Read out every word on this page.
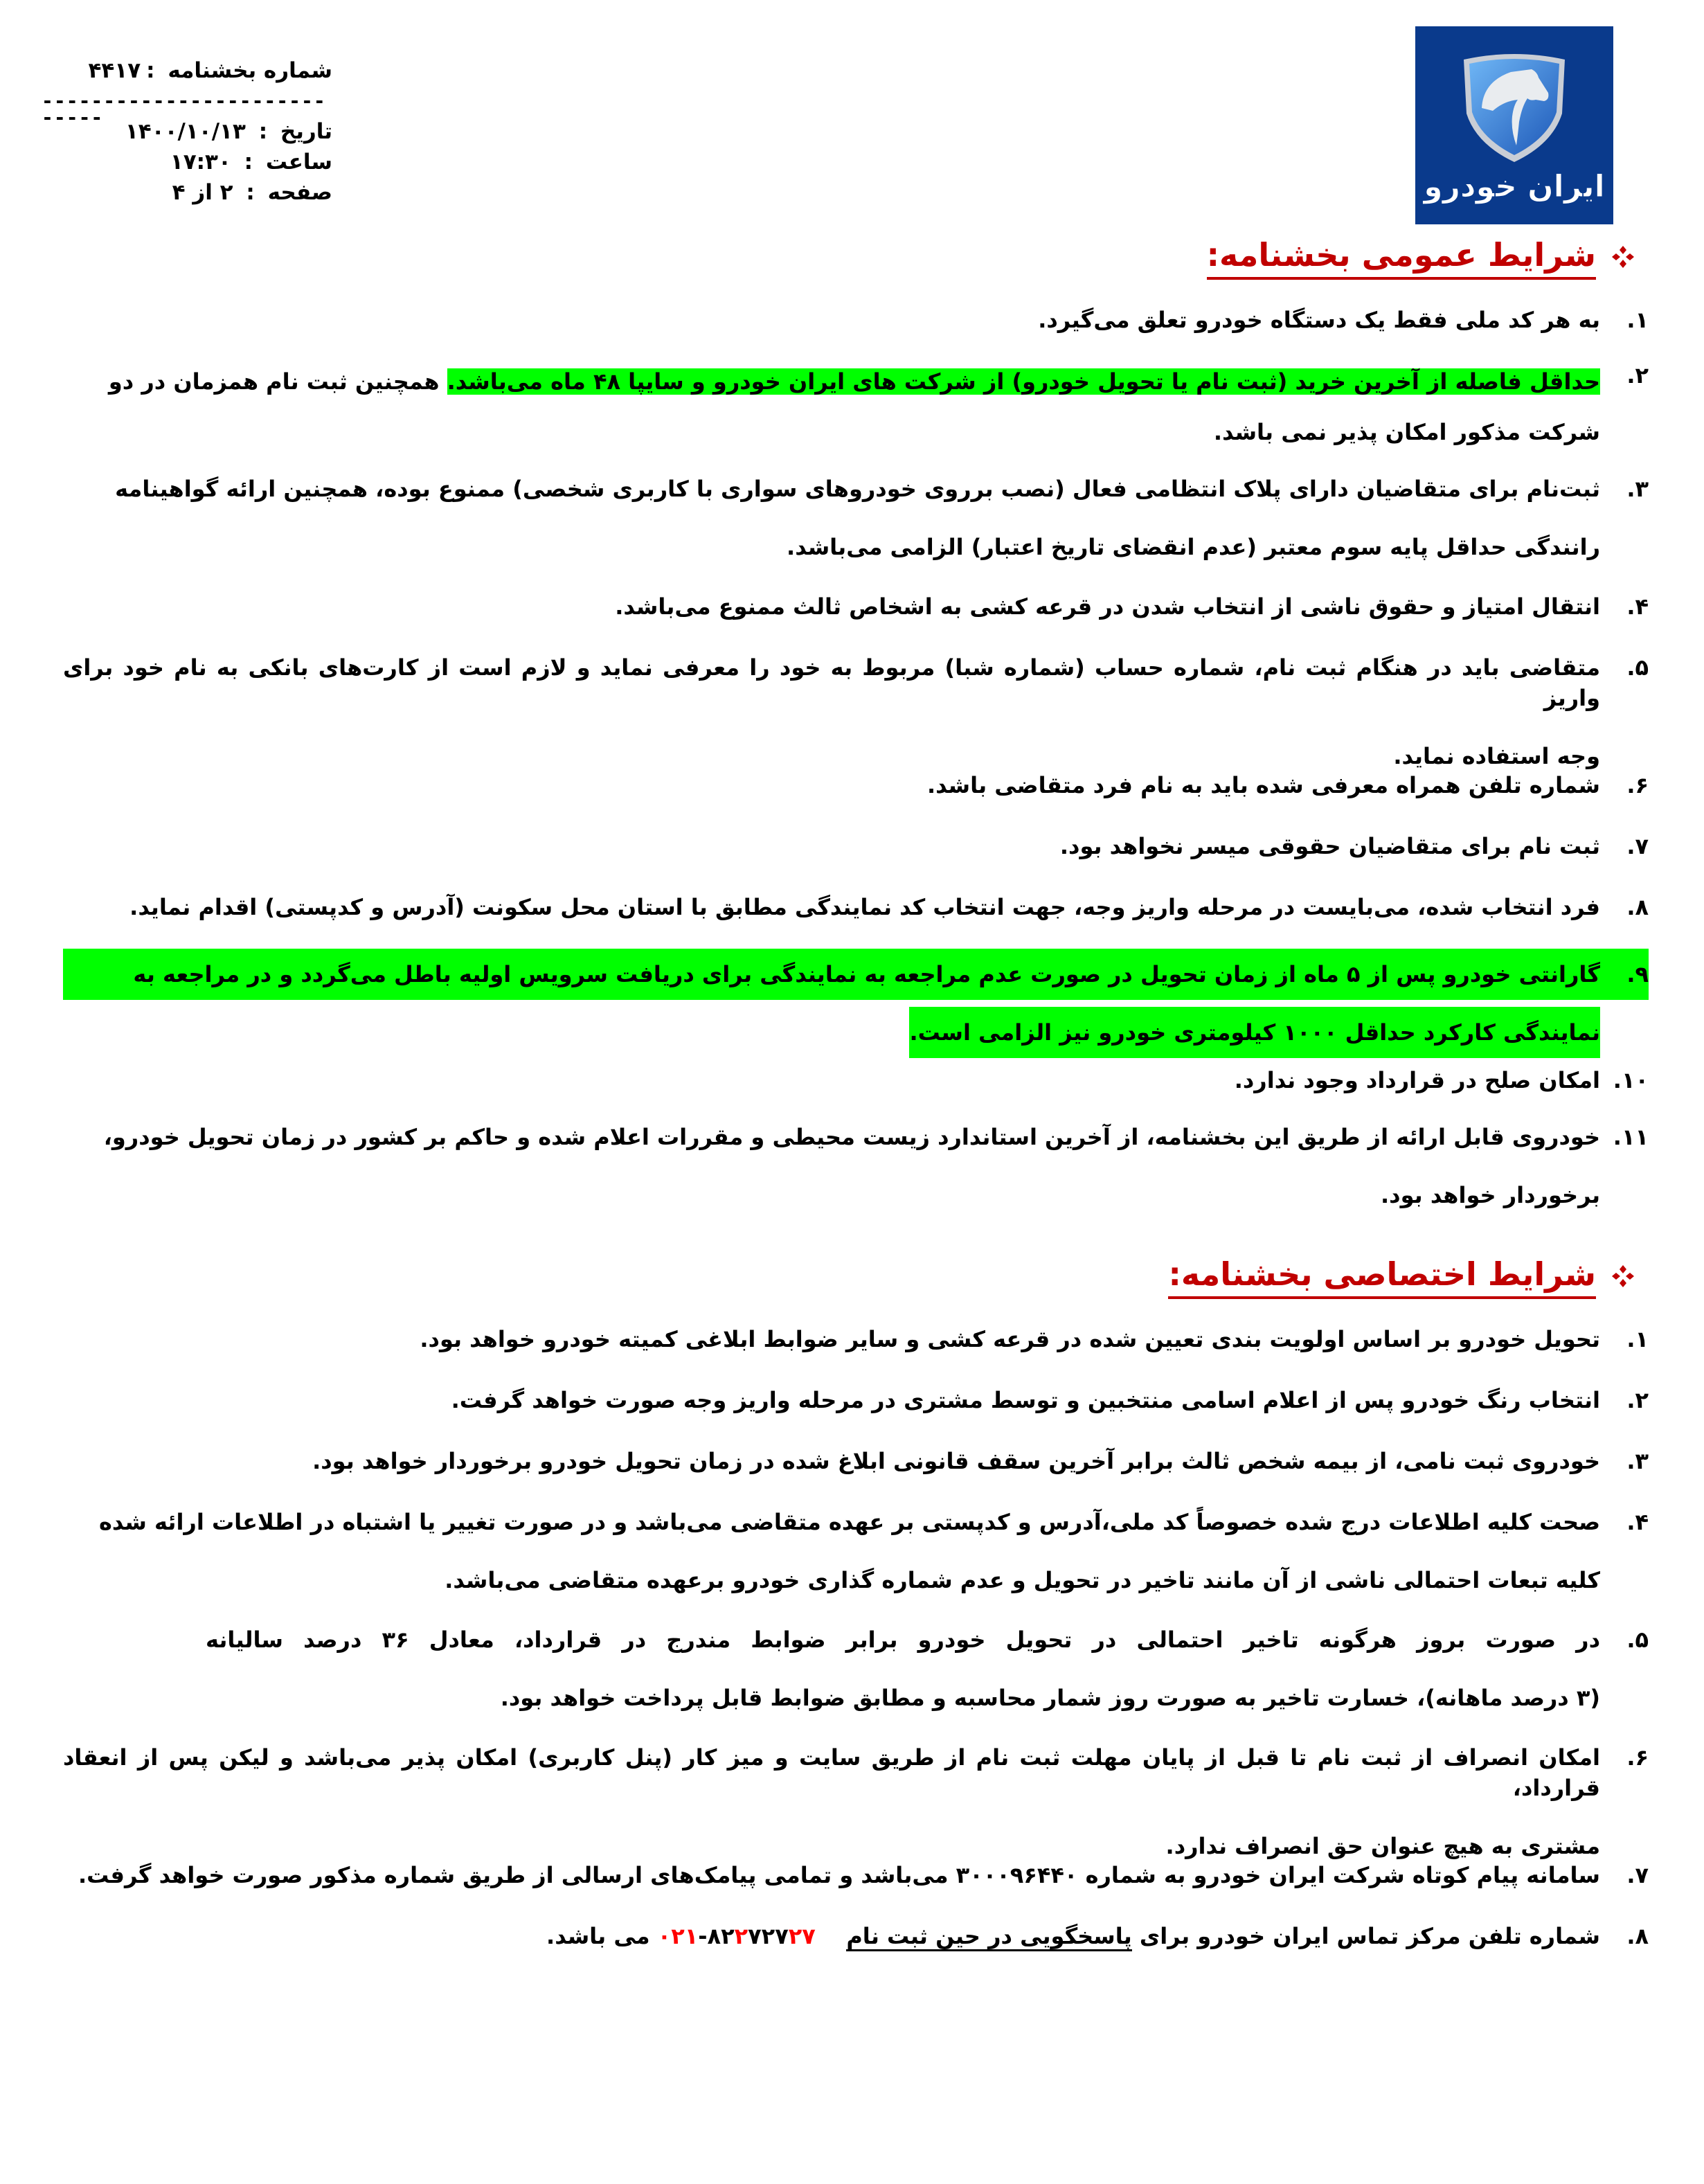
شماره بخشنامه :۴۴۱۷
----------------------------
تاریخ : ۱۴۰۰/۱۰/۱۳
ساعت : ۱۷:۳۰
صفحه : ۲ از ۴	ایران خودرو
شرایط عمومی بخشنامه:
۱.
به هر کد ملی فقط یک دستگاه خودرو تعلق می‌گیرد.
۲.
حداقل فاصله از آخرین خرید (ثبت نام یا تحویل خودرو) از شرکت های ایران خودرو و سایپا ۴۸ ماه می‌باشد. همچنین ثبت نام همزمان در دو
شرکت مذکور امکان پذیر نمی باشد.
۳.
ثبت‌نام برای متقاضیان دارای پلاک انتظامی فعال (نصب برروی خودروهای سواری با کاربری شخصی) ممنوع بوده، همچنین ارائه گواهینامه
رانندگی حداقل پایه سوم معتبر (عدم انقضای تاریخ اعتبار) الزامی می‌باشد.
۴.
انتقال امتیاز و حقوق ناشی از انتخاب شدن در قرعه کشی به اشخاص ثالث ممنوع می‌باشد.
۵.
متقاضی باید در هنگام ثبت نام، شماره حساب (شماره شبا) مربوط به خود را معرفی نماید و لازم است از کارت‌های بانکی به نام خود برای واریز
وجه استفاده نماید.
۶.
شماره تلفن همراه معرفی شده باید به نام فرد متقاضی باشد.
۷.
ثبت نام برای متقاضیان حقوقی میسر نخواهد بود.
۸.
فرد انتخاب شده، می‌بایست در مرحله واریز وجه، جهت انتخاب کد نمایندگی مطابق با استان محل سکونت (آدرس و کدپستی) اقدام نماید.
۹.
گارانتی خودرو پس از ۵ ماه از زمان تحویل در صورت عدم مراجعه به نمایندگی برای دریافت سرویس اولیه باطل می‌گردد و در مراجعه به
نمایندگی کارکرد حداقل ۱۰۰۰ کیلومتری خودرو نیز الزامی است.
۱۰.
امکان صلح در قرارداد وجود ندارد.
۱۱.
خودروی قابل ارائه از طریق این بخشنامه، از آخرین استاندارد زیست محیطی و مقررات اعلام شده و حاکم بر کشور در زمان تحویل خودرو،
برخوردار خواهد بود.
شرایط اختصاصی بخشنامه:
۱.
تحویل خودرو بر اساس اولویت بندی تعیین شده در قرعه کشی و سایر ضوابط ابلاغی کمیته خودرو خواهد بود.
۲.
انتخاب رنگ خودرو پس از اعلام اسامی منتخبین و توسط مشتری در مرحله واریز وجه صورت خواهد گرفت.
۳.
خودروی ثبت نامی، از بیمه شخص ثالث برابر آخرین سقف قانونی ابلاغ شده در زمان تحویل خودرو برخوردار خواهد بود.
۴.
صحت کلیه اطلاعات درج شده خصوصاً کد ملی،آدرس و کدپستی بر عهده متقاضی می‌باشد و در صورت تغییر یا اشتباه در اطلاعات ارائه شده
کلیه تبعات احتمالی ناشی از آن مانند تاخیر در تحویل و عدم شماره گذاری خودرو برعهده متقاضی می‌باشد.
۵.
در صورت بروز هرگونه تاخیر احتمالی در تحویل خودرو برابر ضوابط مندرج در قرارداد، معادل ۳۶ درصد سالیانه
(۳ درصد ماهانه)، خسارت تاخیر به صورت روز شمار محاسبه و مطابق ضوابط قابل پرداخت خواهد بود.
۶.
امکان انصراف از ثبت نام تا قبل از پایان مهلت ثبت نام از طریق سایت و میز کار (پنل کاربری) امکان پذیر می‌باشد و لیکن پس از انعقاد قرارداد،
مشتری به هیچ عنوان حق انصراف ندارد.
۷.
سامانه پیام کوتاه شرکت ایران خودرو به شماره ۳۰۰۰۹۶۴۴۰ می‌باشد و تمامی پیامک‌های ارسالی از طریق شماره مذکور صورت خواهد گرفت.
۸.
شماره تلفن مرکز تماس ایران خودرو برای پاسخگویی در حین ثبت نام    ۰۲۱-۸۲۲۷۲۷۲۷ می باشد.
